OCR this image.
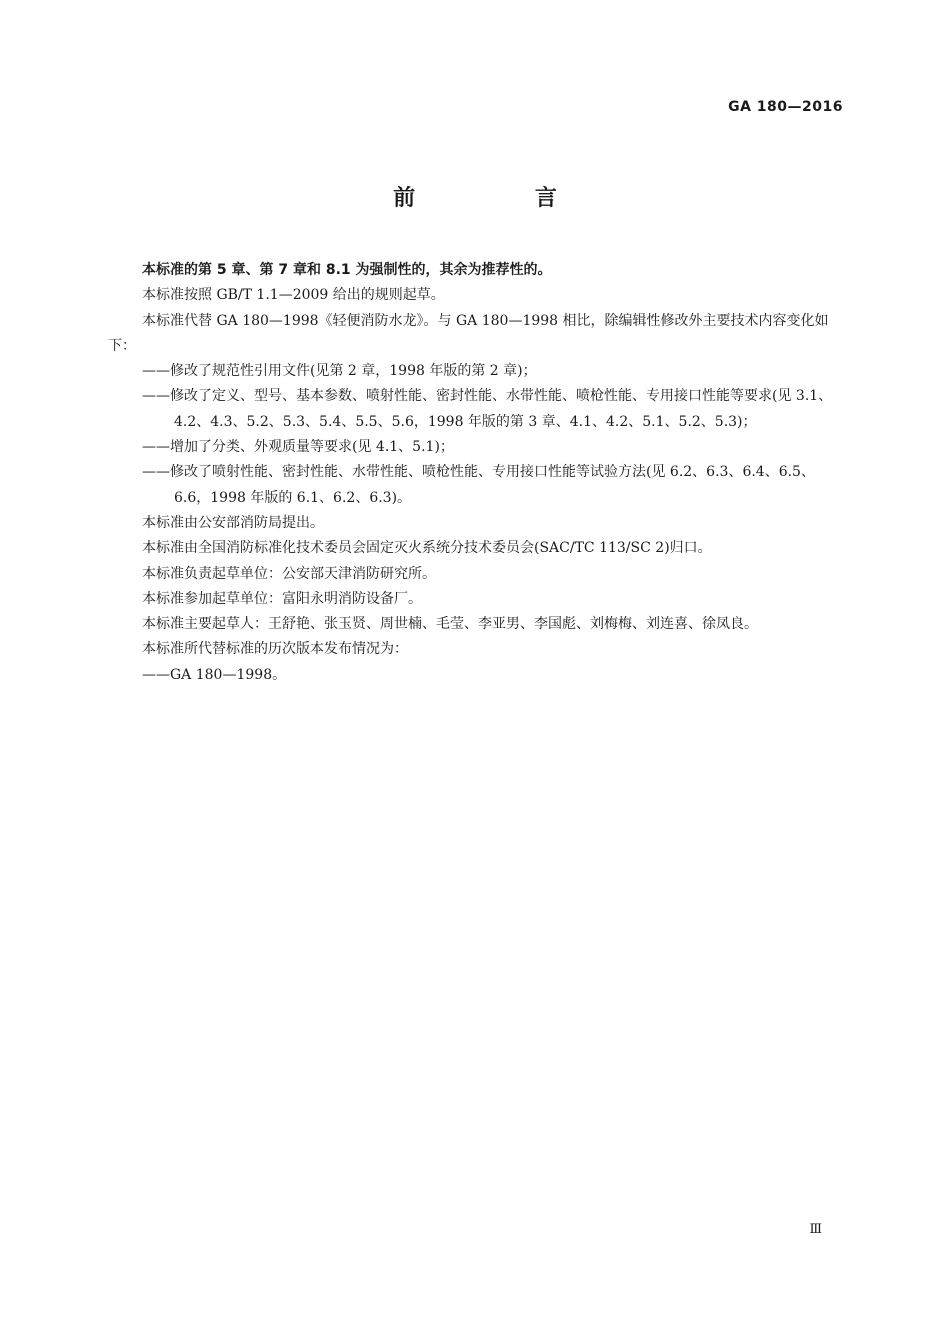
GA 180—2016
前 言

本标准的第 5 章、第 7 章和 8.1 为强制性的，其余为推荐性的。

本标准按照 GB/T 1.1—2009 给出的规则起草。

本标准代替 GA 180—1998《轻便消防水龙》。与 GA 180—1998 相比，除编辑性修改外主要技术内容变化如下：

——修改了规范性引用文件(见第 2 章，1998 年版的第 2 章)；

——修改了定义、型号、基本参数、喷射性能、密封性能、水带性能、喷枪性能、专用接口性能等要求(见 3.1、4.2、4.3、5.2、5.3、5.4、5.5、5.6，1998 年版的第 3 章、4.1、4.2、5.1、5.2、5.3)；

——增加了分类、外观质量等要求(见 4.1、5.1)；

——修改了喷射性能、密封性能、水带性能、喷枪性能、专用接口性能等试验方法(见 6.2、6.3、6.4、6.5、6.6，1998 年版的 6.1、6.2、6.3)。

本标准由公安部消防局提出。

本标准由全国消防标准化技术委员会固定灭火系统分技术委员会(SAC/TC 113/SC 2)归口。

本标准负责起草单位：公安部天津消防研究所。

本标准参加起草单位：富阳永明消防设备厂。

本标准主要起草人：王舒艳、张玉贤、周世楠、毛莹、李亚男、李国彪、刘梅梅、刘连喜、徐凤良。

本标准所代替标准的历次版本发布情况为：

——GA 180—1998。

Ⅲ
